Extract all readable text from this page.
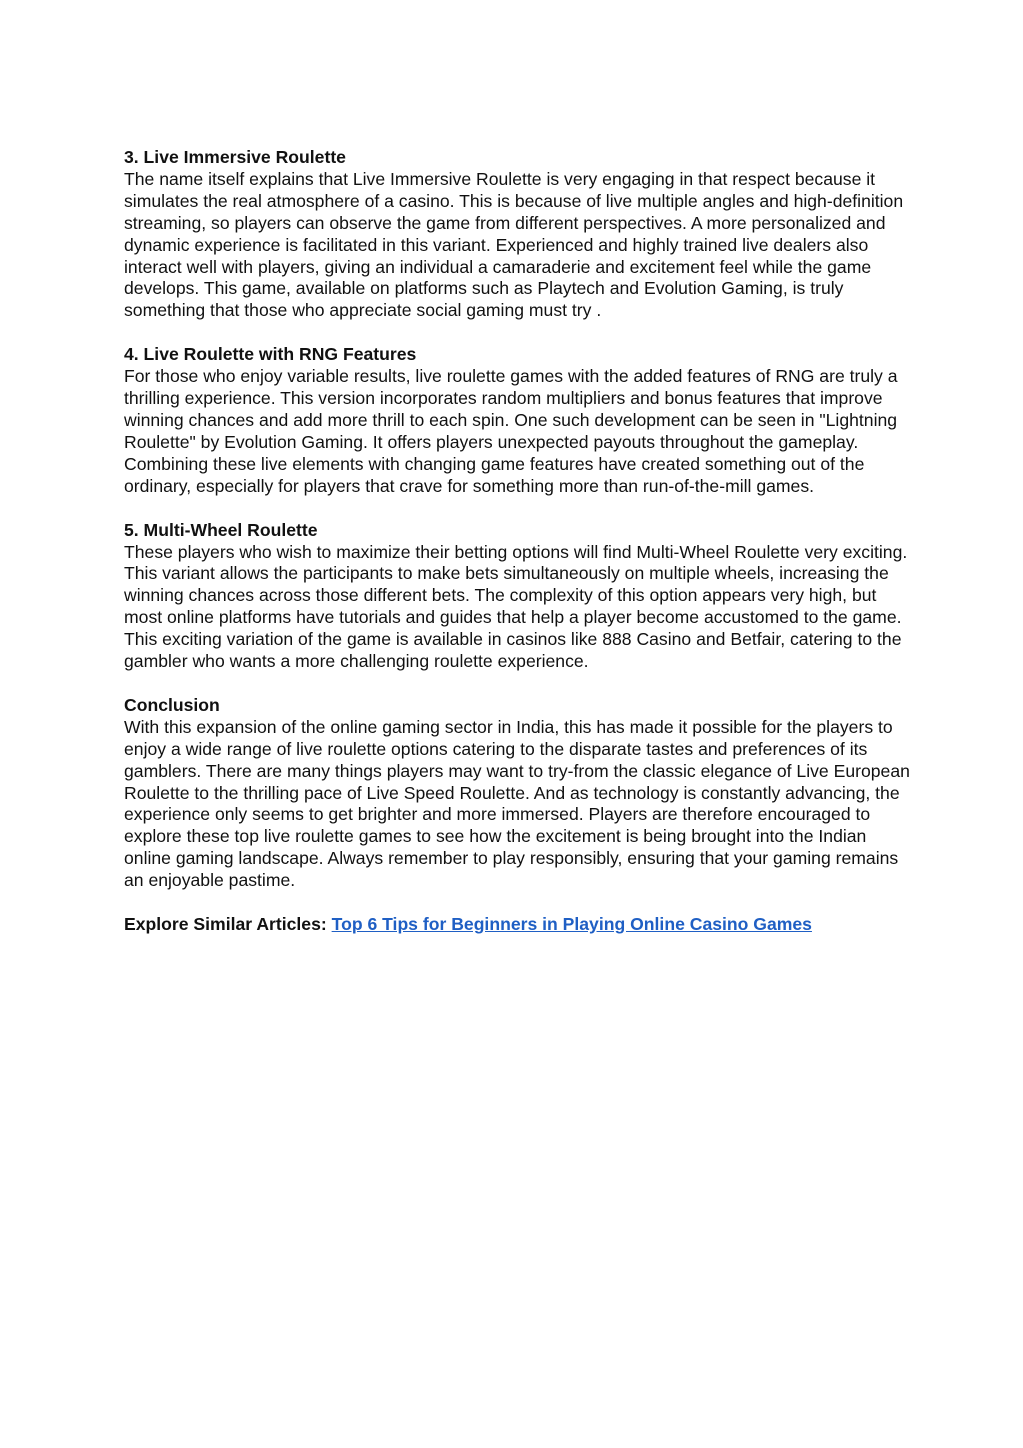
3. Live Immersive Roulette

The name itself explains that Live Immersive Roulette is very engaging in that respect because it simulates the real atmosphere of a casino. This is because of live multiple angles and high-definition streaming, so players can observe the game from different perspectives. A more personalized and dynamic experience is facilitated in this variant. Experienced and highly trained live dealers also interact well with players, giving an individual a camaraderie and excitement feel while the game develops. This game, available on platforms such as Playtech and Evolution Gaming, is truly something that those who appreciate social gaming must try .

4. Live Roulette with RNG Features

For those who enjoy variable results, live roulette games with the added features of RNG are truly a thrilling experience. This version incorporates random multipliers and bonus features that improve winning chances and add more thrill to each spin. One such development can be seen in "Lightning Roulette" by Evolution Gaming. It offers players unexpected payouts throughout the gameplay. Combining these live elements with changing game features have created something out of the ordinary, especially for players that crave for something more than run-of-the-mill games.

5. Multi-Wheel Roulette

These players who wish to maximize their betting options will find Multi-Wheel Roulette very exciting. This variant allows the participants to make bets simultaneously on multiple wheels, increasing the winning chances across those different bets. The complexity of this option appears very high, but most online platforms have tutorials and guides that help a player become accustomed to the game. This exciting variation of the game is available in casinos like 888 Casino and Betfair, catering to the gambler who wants a more challenging roulette experience.

Conclusion

With this expansion of the online gaming sector in India, this has made it possible for the players to enjoy a wide range of live roulette options catering to the disparate tastes and preferences of its gamblers. There are many things players may want to try-from the classic elegance of Live European Roulette to the thrilling pace of Live Speed Roulette. And as technology is constantly advancing, the experience only seems to get brighter and more immersed. Players are therefore encouraged to explore these top live roulette games to see how the excitement is being brought into the Indian online gaming landscape. Always remember to play responsibly, ensuring that your gaming remains an enjoyable pastime.

Explore Similar Articles: Top 6 Tips for Beginners in Playing Online Casino Games
